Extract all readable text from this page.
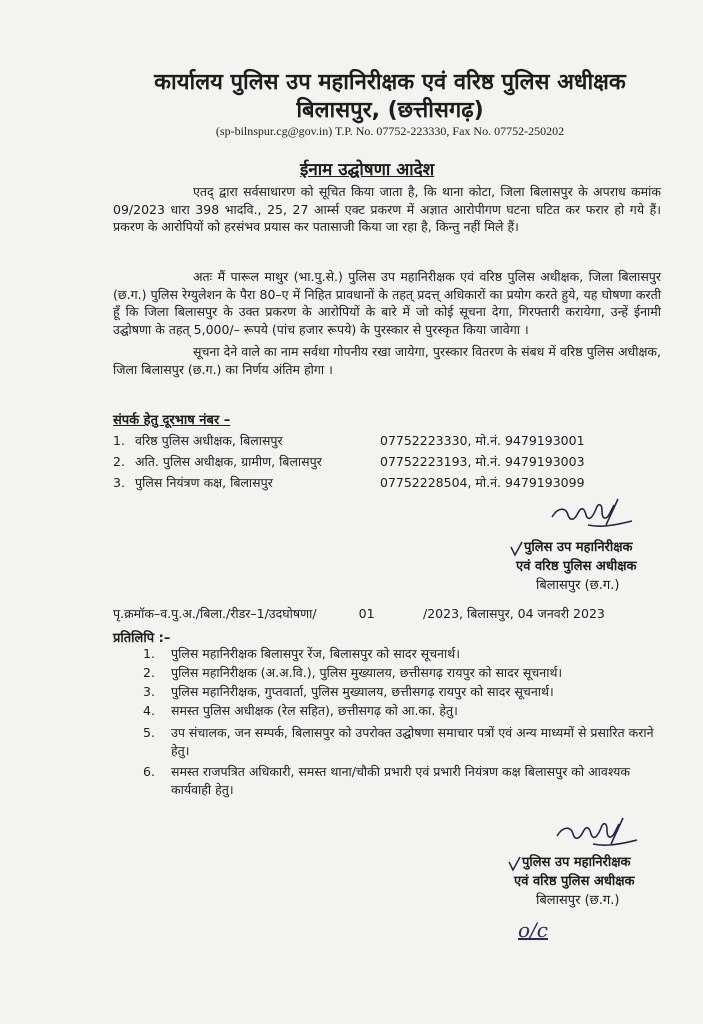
कार्यालय पुलिस उप महानिरीक्षक एवं वरिष्ठ पुलिस अधीक्षक
बिलासपुर, (छत्तीसगढ़)
(sp-bilnspur.cg@gov.in) T.P. No. 07752-223330, Fax No. 07752-250202
ईनाम उद्घोषणा आदेश
एतद् द्वारा सर्वसाधारण को सूचित किया जाता है, कि थाना कोटा, जिला बिलासपुर के अपराध कमांक 09/2023 धारा 398 भादवि., 25, 27 आर्म्स एक्ट प्रकरण में अज्ञात आरोपीगण घटना घटित कर फरार हो गये हैं। प्रकरण के आरोपियों को हरसंभव प्रयास कर पतासाजी किया जा रहा है, किन्तु नहीं मिले हैं।
अतः मैं पारूल माथुर (भा.पु.से.) पुलिस उप महानिरीक्षक एवं वरिष्ठ पुलिस अधीक्षक, जिला बिलासपुर (छ.ग.) पुलिस रेग्युलेशन के पैरा 80–ए में निहित प्रावधानों के तहत् प्रदत्त् अधिकारों का प्रयोग करते हुये, यह घोषणा करती हूँ कि जिला बिलासपुर के उक्त प्रकरण के आरोपियों के बारे में जो कोई सूचना देगा, गिरफ्तारी करायेगा, उन्हें ईनामी उद्घोषणा के तहत् 5,000/– रूपये (पांच हजार रूपये) के पुरस्कार से पुरस्कृत किया जावेगा ।
सूचना देने वाले का नाम सर्वथा गोपनीय रखा जायेगा, पुरस्कार वितरण के संबध में वरिष्ठ पुलिस अधीक्षक, जिला बिलासपुर (छ.ग.) का निर्णय अंतिम होगा ।
संपर्क हेतु दूरभाष नंबर –
1. वरिष्ठ पुलिस अधीक्षक, बिलासपुर	07752223330, मो.नं. 9479193001
2. अति. पुलिस अधीक्षक, ग्रामीण, बिलासपुर	07752223193, मो.नं. 9479193003
3. पुलिस नियंत्रण कक्ष, बिलासपुर	07752228504, मो.नं. 9479193099
पुलिस उप महानिरीक्षक
एवं वरिष्ठ पुलिस अधीक्षक
बिलासपुर (छ.ग.)
पृ.क्रमॉक–व.पु.अ./बिला./रीडर–1/उदघोषणा/	01	/2023, बिलासपुर, 04 जनवरी 2023
प्रतिलिपि :–
1.	पुलिस महानिरीक्षक बिलासपुर रेंज, बिलासपुर को सादर सूचनार्थ।
2.	पुलिस महानिरीक्षक (अ.अ.वि.), पुलिस मुख्यालय, छत्तीसगढ़ रायपुर को सादर सूचनार्थ।
3.	पुलिस महानिरीक्षक, गुप्तवार्ता, पुलिस मुख्यालय, छत्तीसगढ़ रायपुर को सादर सूचनार्थ।
4.	समस्त पुलिस अधीक्षक (रेल सहित), छत्तीसगढ़ को आ.का. हेतु।
5.	उप संचालक, जन सम्पर्क, बिलासपुर को उपरोक्त उद्घोषणा समाचार पत्रों एवं अन्य माध्यमों से प्रसारित कराने हेतु।
6.	समस्त राजपत्रित अधिकारी, समस्त थाना/चौकी प्रभारी एवं प्रभारी नियंत्रण कक्ष बिलासपुर को आवश्यक कार्यवाही हेतु।
पुलिस उप महानिरीक्षक
एवं वरिष्ठ पुलिस अधीक्षक
बिलासपुर (छ.ग.)
o/c
